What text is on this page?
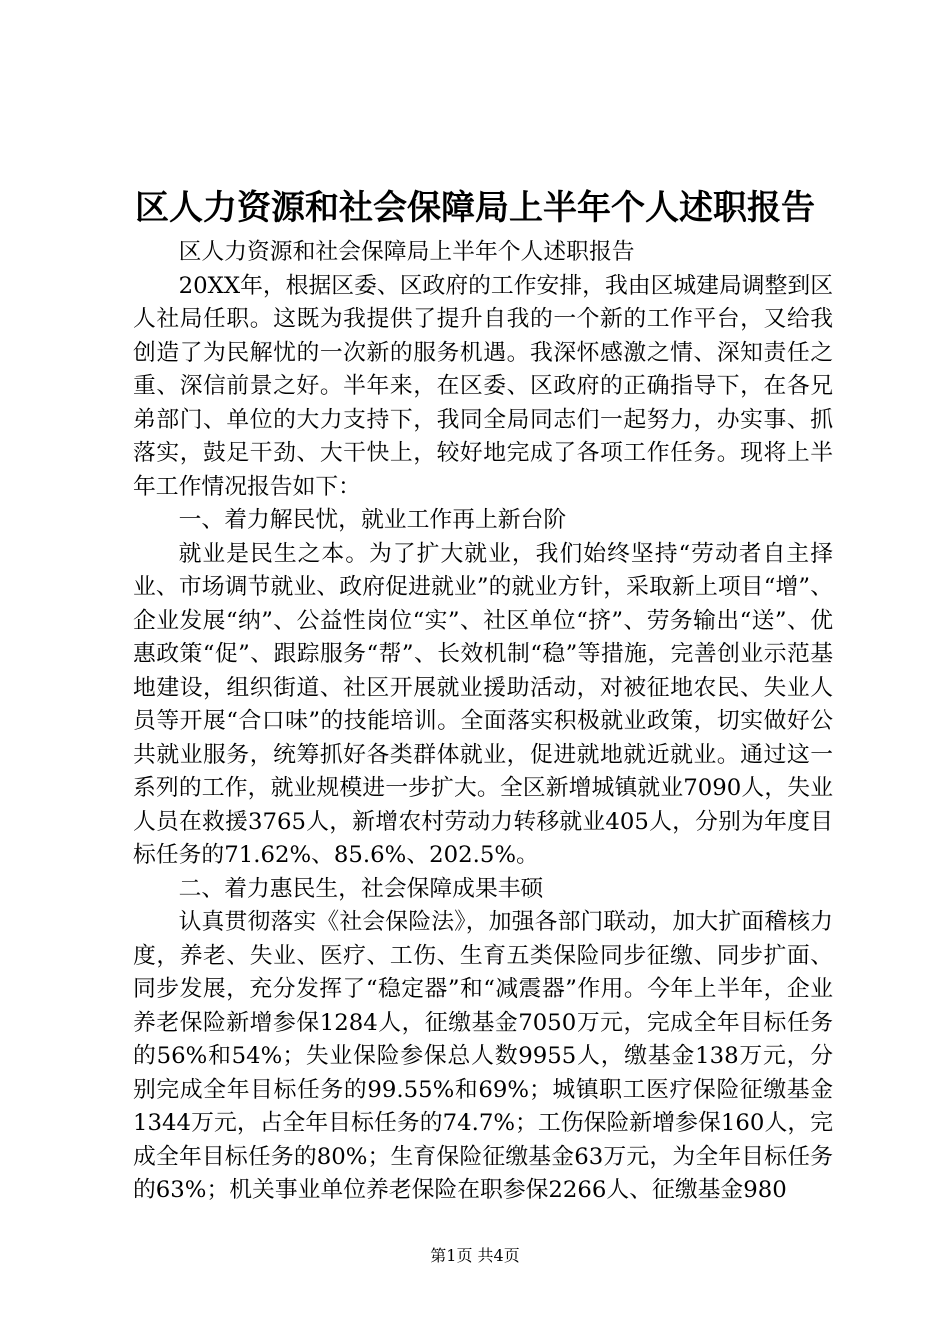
区人力资源和社会保障局上半年个人述职报告

区人力资源和社会保障局上半年个人述职报告

20XX年，根据区委、区政府的工作安排，我由区城建局调整到区人社局任职。这既为我提供了提升自我的一个新的工作平台，又给我创造了为民解忧的一次新的服务机遇。我深怀感激之情、深知责任之重、深信前景之好。半年来，在区委、区政府的正确指导下，在各兄弟部门、单位的大力支持下，我同全局同志们一起努力，办实事、抓落实，鼓足干劲、大干快上，较好地完成了各项工作任务。现将上半年工作情况报告如下：

一、着力解民忧，就业工作再上新台阶

就业是民生之本。为了扩大就业，我们始终坚持“劳动者自主择业、市场调节就业、政府促进就业”的就业方针，采取新上项目“增”、企业发展“纳”、公益性岗位“实”、社区单位“挤”、劳务输出“送”、优惠政策“促”、跟踪服务“帮”、长效机制“稳”等措施，完善创业示范基地建设，组织街道、社区开展就业援助活动，对被征地农民、失业人员等开展“合口味”的技能培训。全面落实积极就业政策，切实做好公共就业服务，统筹抓好各类群体就业，促进就地就近就业。通过这一系列的工作，就业规模进一步扩大。全区新增城镇就业7090人，失业人员在救援3765人，新增农村劳动力转移就业405人，分别为年度目标任务的71.62%、85.6%、202.5%。

二、着力惠民生，社会保障成果丰硕

认真贯彻落实《社会保险法》，加强各部门联动，加大扩面稽核力度，养老、失业、医疗、工伤、生育五类保险同步征缴、同步扩面、同步发展，充分发挥了“稳定器”和“减震器”作用。今年上半年，企业养老保险新增参保1284人，征缴基金7050万元，完成全年目标任务的56%和54%；失业保险参保总人数9955人，缴基金138万元，分别完成全年目标任务的99.55%和69%；城镇职工医疗保险征缴基金1344万元，占全年目标任务的74.7%；工伤保险新增参保160人，完成全年目标任务的80%；生育保险征缴基金63万元，为全年目标任务的63%；机关事业单位养老保险在职参保2266人、征缴基金980

第1页 共4页
